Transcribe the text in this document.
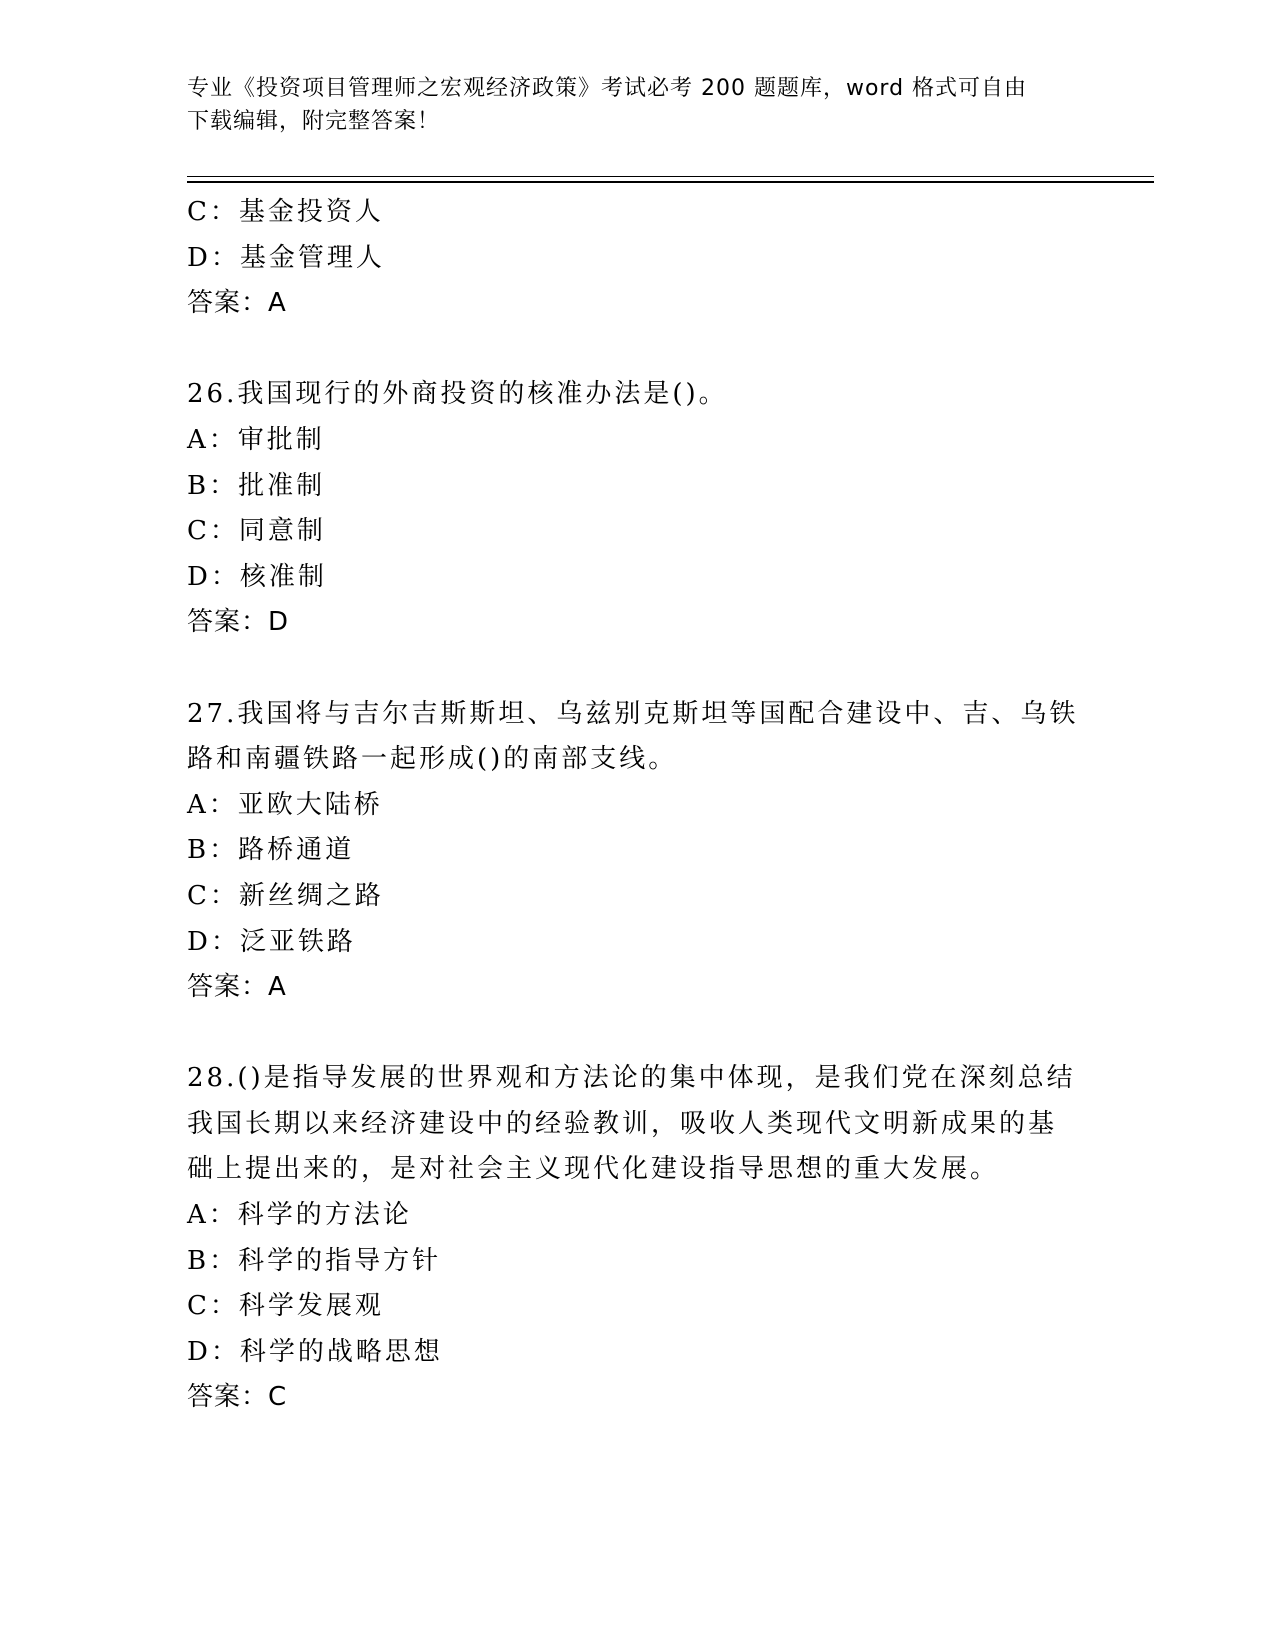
专业《投资项目管理师之宏观经济政策》考试必考 200 题题库，word 格式可自由
下载编辑，附完整答案！
C：基金投资人
D：基金管理人
答案：A
26.我国现行的外商投资的核准办法是()。
A：审批制
B：批准制
C：同意制
D：核准制
答案：D
27.我国将与吉尔吉斯斯坦、乌兹别克斯坦等国配合建设中、吉、乌铁
路和南疆铁路一起形成()的南部支线。
A：亚欧大陆桥
B：路桥通道
C：新丝绸之路
D：泛亚铁路
答案：A
28.()是指导发展的世界观和方法论的集中体现，是我们党在深刻总结
我国长期以来经济建设中的经验教训，吸收人类现代文明新成果的基
础上提出来的，是对社会主义现代化建设指导思想的重大发展。
A：科学的方法论
B：科学的指导方针
C：科学发展观
D：科学的战略思想
答案：C
